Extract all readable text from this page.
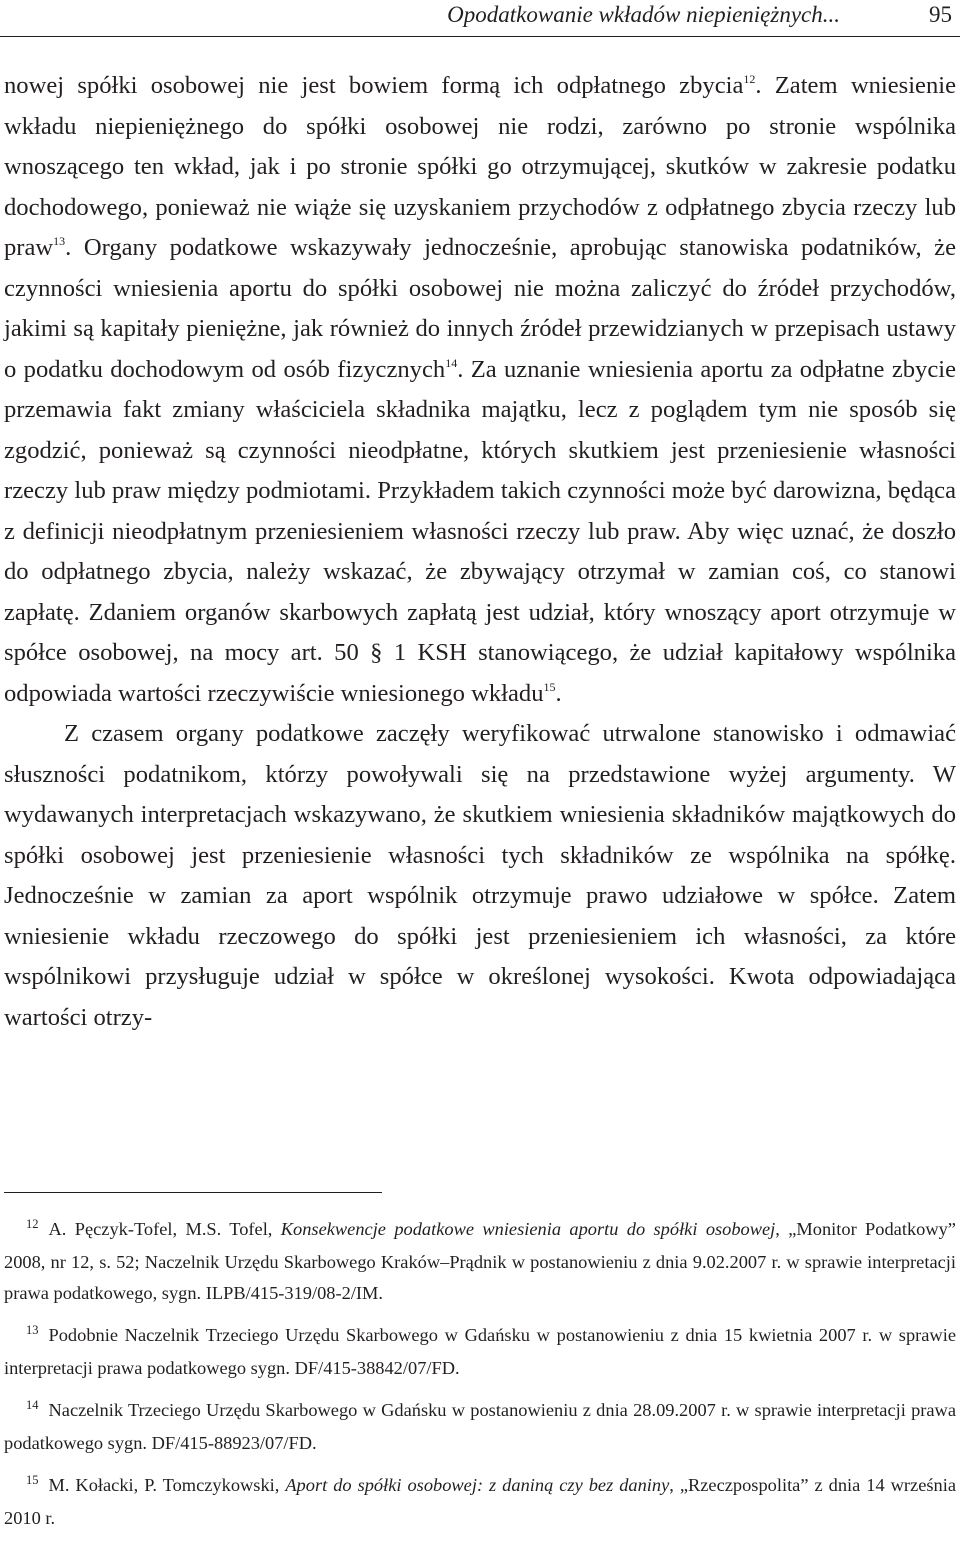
Opodatkowanie wkładów niepieniężnych...	95

nowej spółki osobowej nie jest bowiem formą ich odpłatnego zbycia$^{12}$. Zatem wniesienie wkładu niepieniężnego do spółki osobowej nie rodzi, zarówno po stronie wspólnika wnoszącego ten wkład, jak i po stronie spółki go otrzymującej, skutków w zakresie podatku dochodowego, ponieważ nie wiąże się uzyskaniem przychodów z odpłatnego zbycia rzeczy lub praw$^{13}$. Organy podatkowe wskazywały jednocześnie, aprobując stanowiska podatników, że czynności wniesienia aportu do spółki osobowej nie można zaliczyć do źródeł przychodów, jakimi są kapitały pieniężne, jak również do innych źródeł przewidzianych w przepisach ustawy o podatku dochodowym od osób fizycznych$^{14}$. Za uznanie wniesienia aportu za odpłatne zbycie przemawia fakt zmiany właściciela składnika majątku, lecz z poglądem tym nie sposób się zgodzić, ponieważ są czynności nieodpłatne, których skutkiem jest przeniesienie własności rzeczy lub praw między podmiotami. Przykładem takich czynności może być darowizna, będąca z definicji nieodpłatnym przeniesieniem własności rzeczy lub praw. Aby więc uznać, że doszło do odpłatnego zbycia, należy wskazać, że zbywający otrzymał w zamian coś, co stanowi zapłatę. Zdaniem organów skarbowych zapłatą jest udział, który wnoszący aport otrzymuje w spółce osobowej, na mocy art. 50 § 1 KSH stanowiącego, że udział kapitałowy wspólnika odpowiada wartości rzeczywiście wniesionego wkładu$^{15}$.

Z czasem organy podatkowe zaczęły weryfikować utrwalone stanowisko i odmawiać słuszności podatnikom, którzy powoływali się na przedstawione wyżej argumenty. W wydawanych interpretacjach wskazywano, że skutkiem wniesienia składników majątkowych do spółki osobowej jest przeniesienie własności tych składników ze wspólnika na spółkę. Jednocześnie w zamian za aport wspólnik otrzymuje prawo udziałowe w spółce. Zatem wniesienie wkładu rzeczowego do spółki jest przeniesieniem ich własności, za które wspólnikowi przysługuje udział w spółce w określonej wysokości. Kwota odpowiadająca wartości otrzy-

$^{12}$ A. Pęczyk-Tofel, M.S. Tofel, Konsekwencje podatkowe wniesienia aportu do spółki osobowej, „Monitor Podatkowy” 2008, nr 12, s. 52; Naczelnik Urzędu Skarbowego Kraków–Prądnik w postanowieniu z dnia 9.02.2007 r. w sprawie interpretacji prawa podatkowego, sygn. ILPB/415-319/08-2/IM.

$^{13}$ Podobnie Naczelnik Trzeciego Urzędu Skarbowego w Gdańsku w postanowieniu z dnia 15 kwietnia 2007 r. w sprawie interpretacji prawa podatkowego sygn. DF/415-38842/07/FD.

$^{14}$ Naczelnik Trzeciego Urzędu Skarbowego w Gdańsku w postanowieniu z dnia 28.09.2007 r. w sprawie interpretacji prawa podatkowego sygn. DF/415-88923/07/FD.

$^{15}$ M. Kołacki, P. Tomczykowski, Aport do spółki osobowej: z daniną czy bez daniny, „Rzeczpospolita” z dnia 14 września 2010 r.
